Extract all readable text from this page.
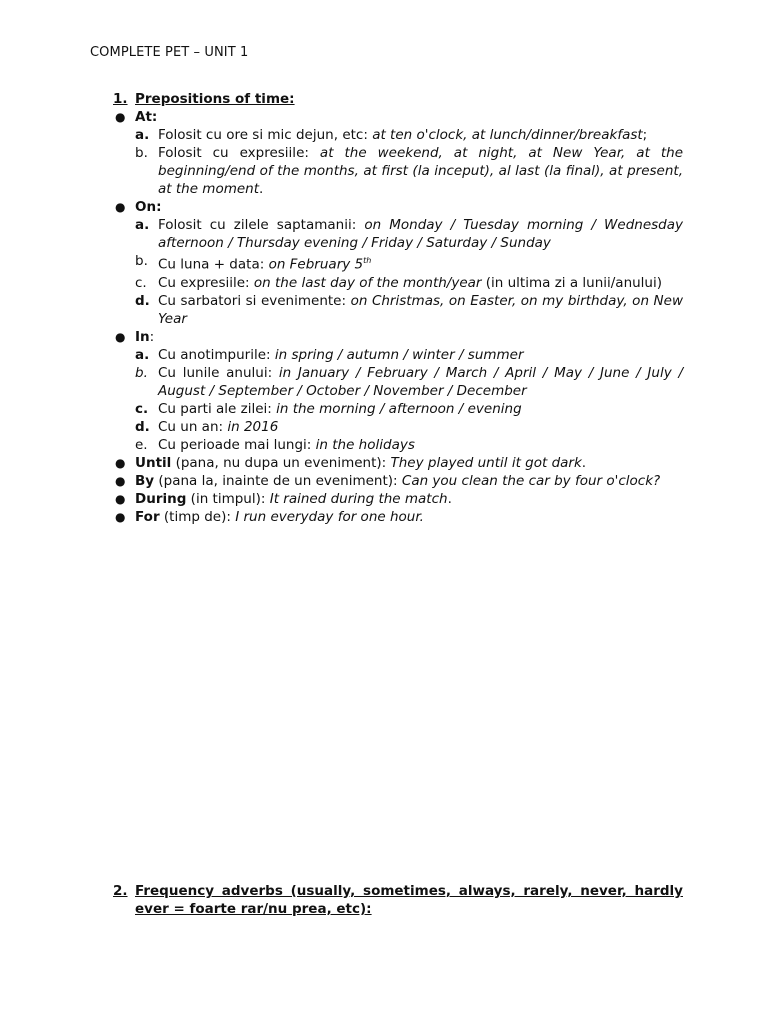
COMPLETE PET – UNIT 1
1. Prepositions of time:
● At:
a. Folosit cu ore si mic dejun, etc: at ten o'clock, at lunch/dinner/breakfast;
b. Folosit cu expresiile: at the weekend, at night, at New Year, at the beginning/end of the months, at first (la inceput), al last (la final), at present, at the moment.
● On:
a. Folosit cu zilele saptamanii: on Monday / Tuesday morning / Wednesday afternoon / Thursday evening / Friday / Saturday / Sunday
b. Cu luna + data: on February 5th
c. Cu expresiile: on the last day of the month/year (in ultima zi a lunii/anului)
d. Cu sarbatori si evenimente: on Christmas, on Easter, on my birthday, on New Year
● In:
a. Cu anotimpurile: in spring / autumn / winter / summer
b. Cu lunile anului: in January / February / March / April / May / June / July / August / September / October / November / December
c. Cu parti ale zilei: in the morning / afternoon / evening
d. Cu un an: in 2016
e. Cu perioade mai lungi: in the holidays
● Until (pana, nu dupa un eveniment): They played until it got dark.
● By (pana la, inainte de un eveniment): Can you clean the car by four o'clock?
● During (in timpul): It rained during the match.
● For (timp de): I run everyday for one hour.
2. Frequency adverbs (usually, sometimes, always, rarely, never, hardly ever = foarte rar/nu prea, etc):
